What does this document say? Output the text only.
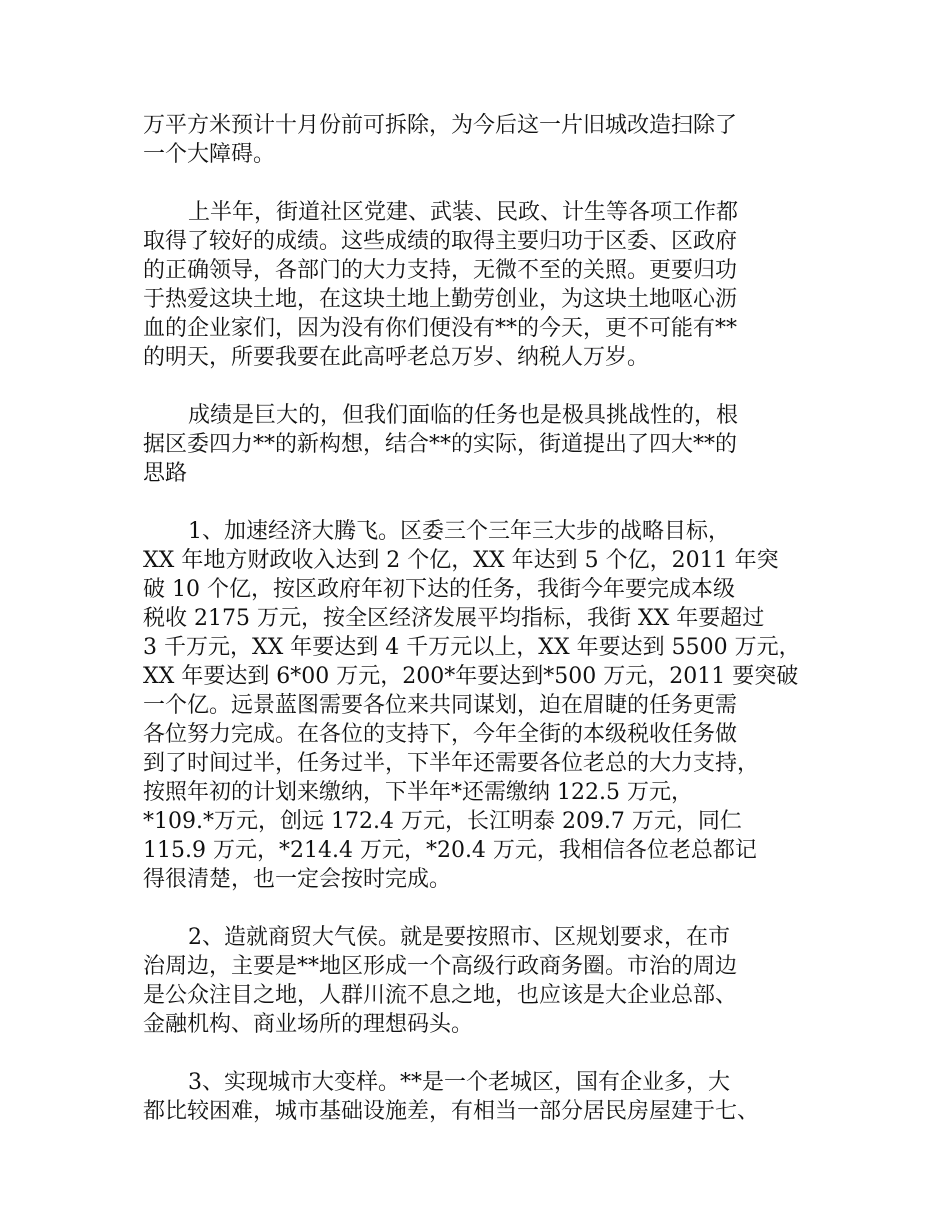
万平方米预计十月份前可拆除，为今后这一片旧城改造扫除了
一个大障碍。
上半年，街道社区党建、武装、民政、计生等各项工作都
取得了较好的成绩。这些成绩的取得主要归功于区委、区政府
的正确领导，各部门的大力支持，无微不至的关照。更要归功
于热爱这块土地，在这块土地上勤劳创业，为这块土地呕心沥
血的企业家们，因为没有你们便没有**的今天，更不可能有**
的明天，所要我要在此高呼老总万岁、纳税人万岁。
成绩是巨大的，但我们面临的任务也是极具挑战性的，根
据区委四力**的新构想，结合**的实际，街道提出了四大**的
思路
1、加速经济大腾飞。区委三个三年三大步的战略目标，
XX 年地方财政收入达到 2 个亿，XX 年达到 5 个亿，2011 年突
破 10 个亿，按区政府年初下达的任务，我街今年要完成本级
税收 2175 万元，按全区经济发展平均指标，我街 XX 年要超过
3 千万元，XX 年要达到 4 千万元以上，XX 年要达到 5500 万元，
XX 年要达到 6*00 万元，200*年要达到*500 万元，2011 要突破
一个亿。远景蓝图需要各位来共同谋划，迫在眉睫的任务更需
各位努力完成。在各位的支持下，今年全街的本级税收任务做
到了时间过半，任务过半，下半年还需要各位老总的大力支持，
按照年初的计划来缴纳，下半年*还需缴纳 122.5 万元，
*109.*万元，创远 172.4 万元，长江明泰 209.7 万元，同仁
115.9 万元，*214.4 万元，*20.4 万元，我相信各位老总都记
得很清楚，也一定会按时完成。
2、造就商贸大气侯。就是要按照市、区规划要求，在市
治周边，主要是**地区形成一个高级行政商务圈。市治的周边
是公众注目之地，人群川流不息之地，也应该是大企业总部、
金融机构、商业场所的理想码头。
3、实现城市大变样。**是一个老城区，国有企业多，大
都比较困难，城市基础设施差，有相当一部分居民房屋建于七、
